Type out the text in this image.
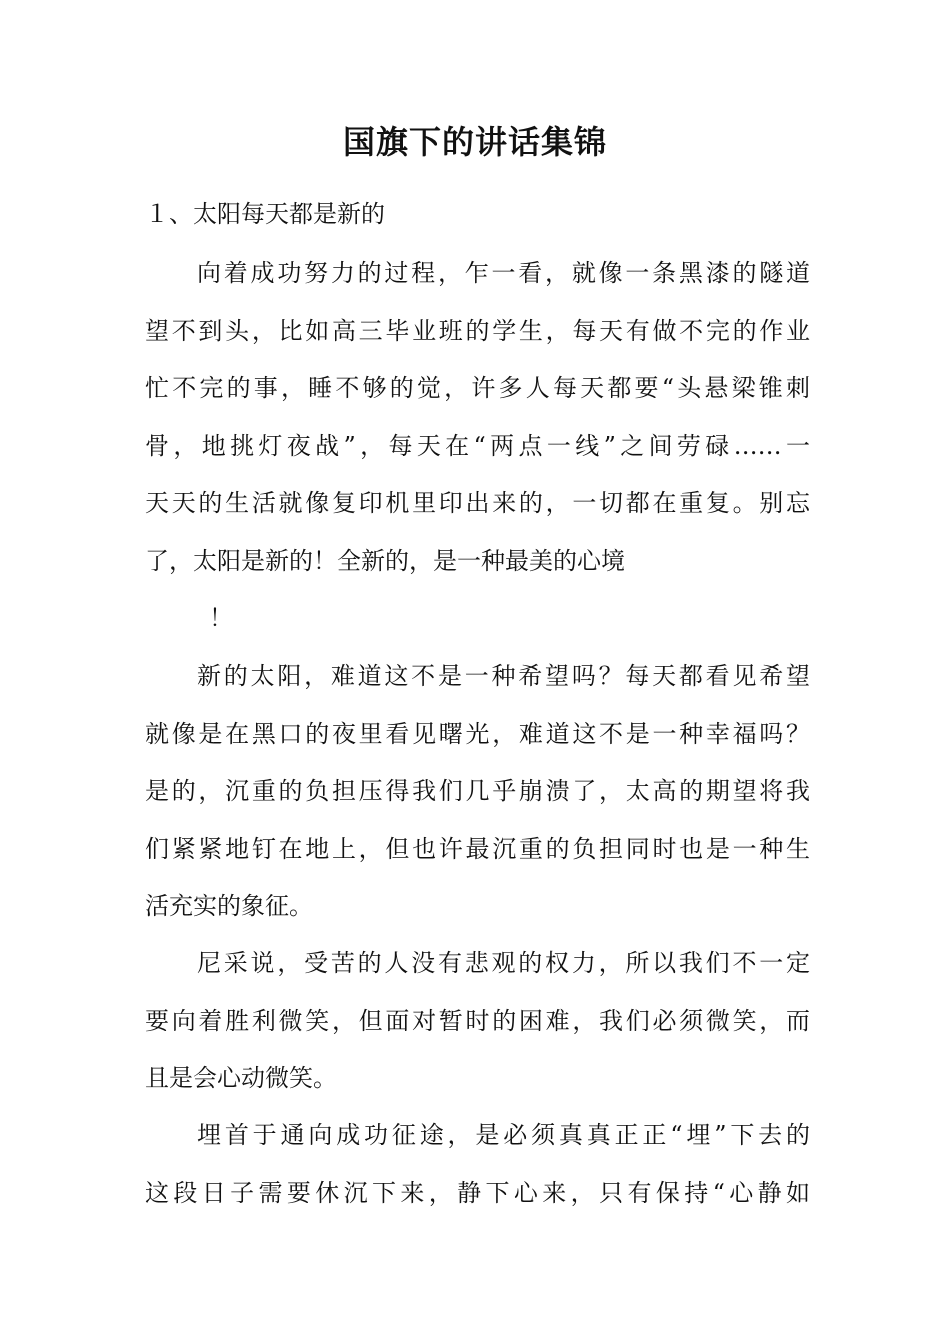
国旗下的讲话集锦
１、太阳每天都是新的
向着成功努力的过程，乍一看，就像一条黑漆的隧道
望不到头，比如高三毕业班的学生，每天有做不完的作业
忙不完的事，睡不够的觉，许多人每天都要“头悬梁锥刺
骨，地挑灯夜战”，每天在“两点一线”之间劳碌……一
天天的生活就像复印机里印出来的，一切都在重复。别忘
了，太阳是新的！全新的，是一种最美的心境
！
新的太阳，难道这不是一种希望吗？每天都看见希望
就像是在黑口的夜里看见曙光，难道这不是一种幸福吗？
是的，沉重的负担压得我们几乎崩溃了，太高的期望将我
们紧紧地钉在地上，但也许最沉重的负担同时也是一种生
活充实的象征。
尼采说，受苦的人没有悲观的权力，所以我们不一定
要向着胜利微笑，但面对暂时的困难，我们必须微笑，而
且是会心动微笑。
埋首于通向成功征途，是必须真真正正“埋”下去的
这段日子需要休沉下来，静下心来，只有保持“心静如
